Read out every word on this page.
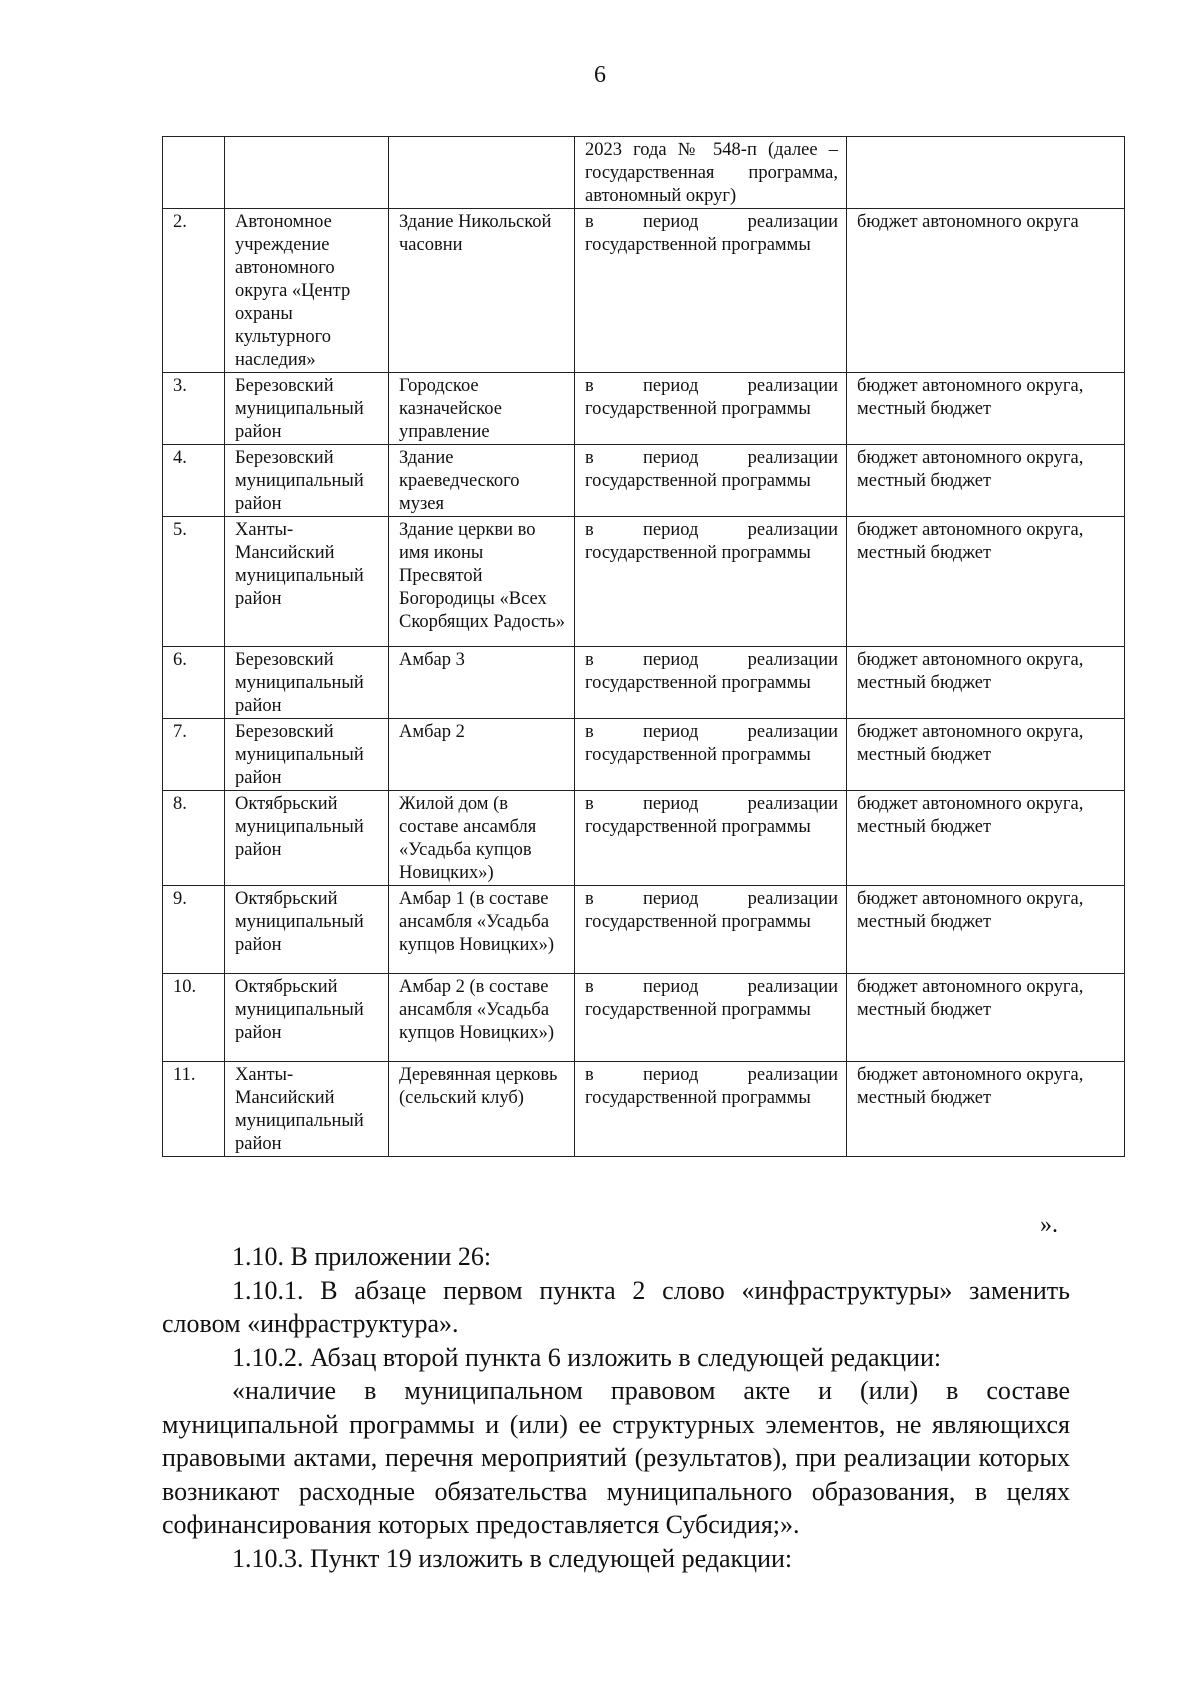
6
			2023 года № 548-п (далее – государственная программа, автономный округ)	
2.	Автономное учреждение автономного округа «Центр охраны культурного наследия»	Здание Никольской часовни	в период реализации государственной программы	бюджет автономного округа
3.	Березовский муниципальный район	Городское казначейское управление	в период реализации государственной программы	бюджет автономного округа, местный бюджет
4.	Березовский муниципальный район	Здание краеведческого музея	в период реализации государственной программы	бюджет автономного округа, местный бюджет
5.	Ханты-Мансийский муниципальный район	Здание церкви во имя иконы Пресвятой Богородицы «Всех Скорбящих Радость»	в период реализации государственной программы	бюджет автономного округа, местный бюджет
6.	Березовский муниципальный район	Амбар 3	в период реализации государственной программы	бюджет автономного округа, местный бюджет
7.	Березовский муниципальный район	Амбар 2	в период реализации государственной программы	бюджет автономного округа, местный бюджет
8.	Октябрьский муниципальный район	Жилой дом (в составе ансамбля «Усадьба купцов Новицких»)	в период реализации государственной программы	бюджет автономного округа, местный бюджет
9.	Октябрьский муниципальный район	Амбар 1 (в составе ансамбля «Усадьба купцов Новицких»)	в период реализации государственной программы	бюджет автономного округа, местный бюджет
10.	Октябрьский муниципальный район	Амбар 2 (в составе ансамбля «Усадьба купцов Новицких»)	в период реализации государственной программы	бюджет автономного округа, местный бюджет
11.	Ханты-Мансийский муниципальный район	Деревянная церковь (сельский клуб)	в период реализации государственной программы	бюджет автономного округа, местный бюджет
».

1.10. В приложении 26:

1.10.1. В абзаце первом пункта 2 слово «инфраструктуры» заменить словом «инфраструктура».

1.10.2. Абзац второй пункта 6 изложить в следующей редакции:

«наличие в муниципальном правовом акте и (или) в составе муниципальной программы и (или) ее структурных элементов, не являющихся правовыми актами, перечня мероприятий (результатов), при реализации которых возникают расходные обязательства муниципального образования, в целях софинансирования которых предоставляется Субсидия;».

1.10.3. Пункт 19 изложить в следующей редакции:
